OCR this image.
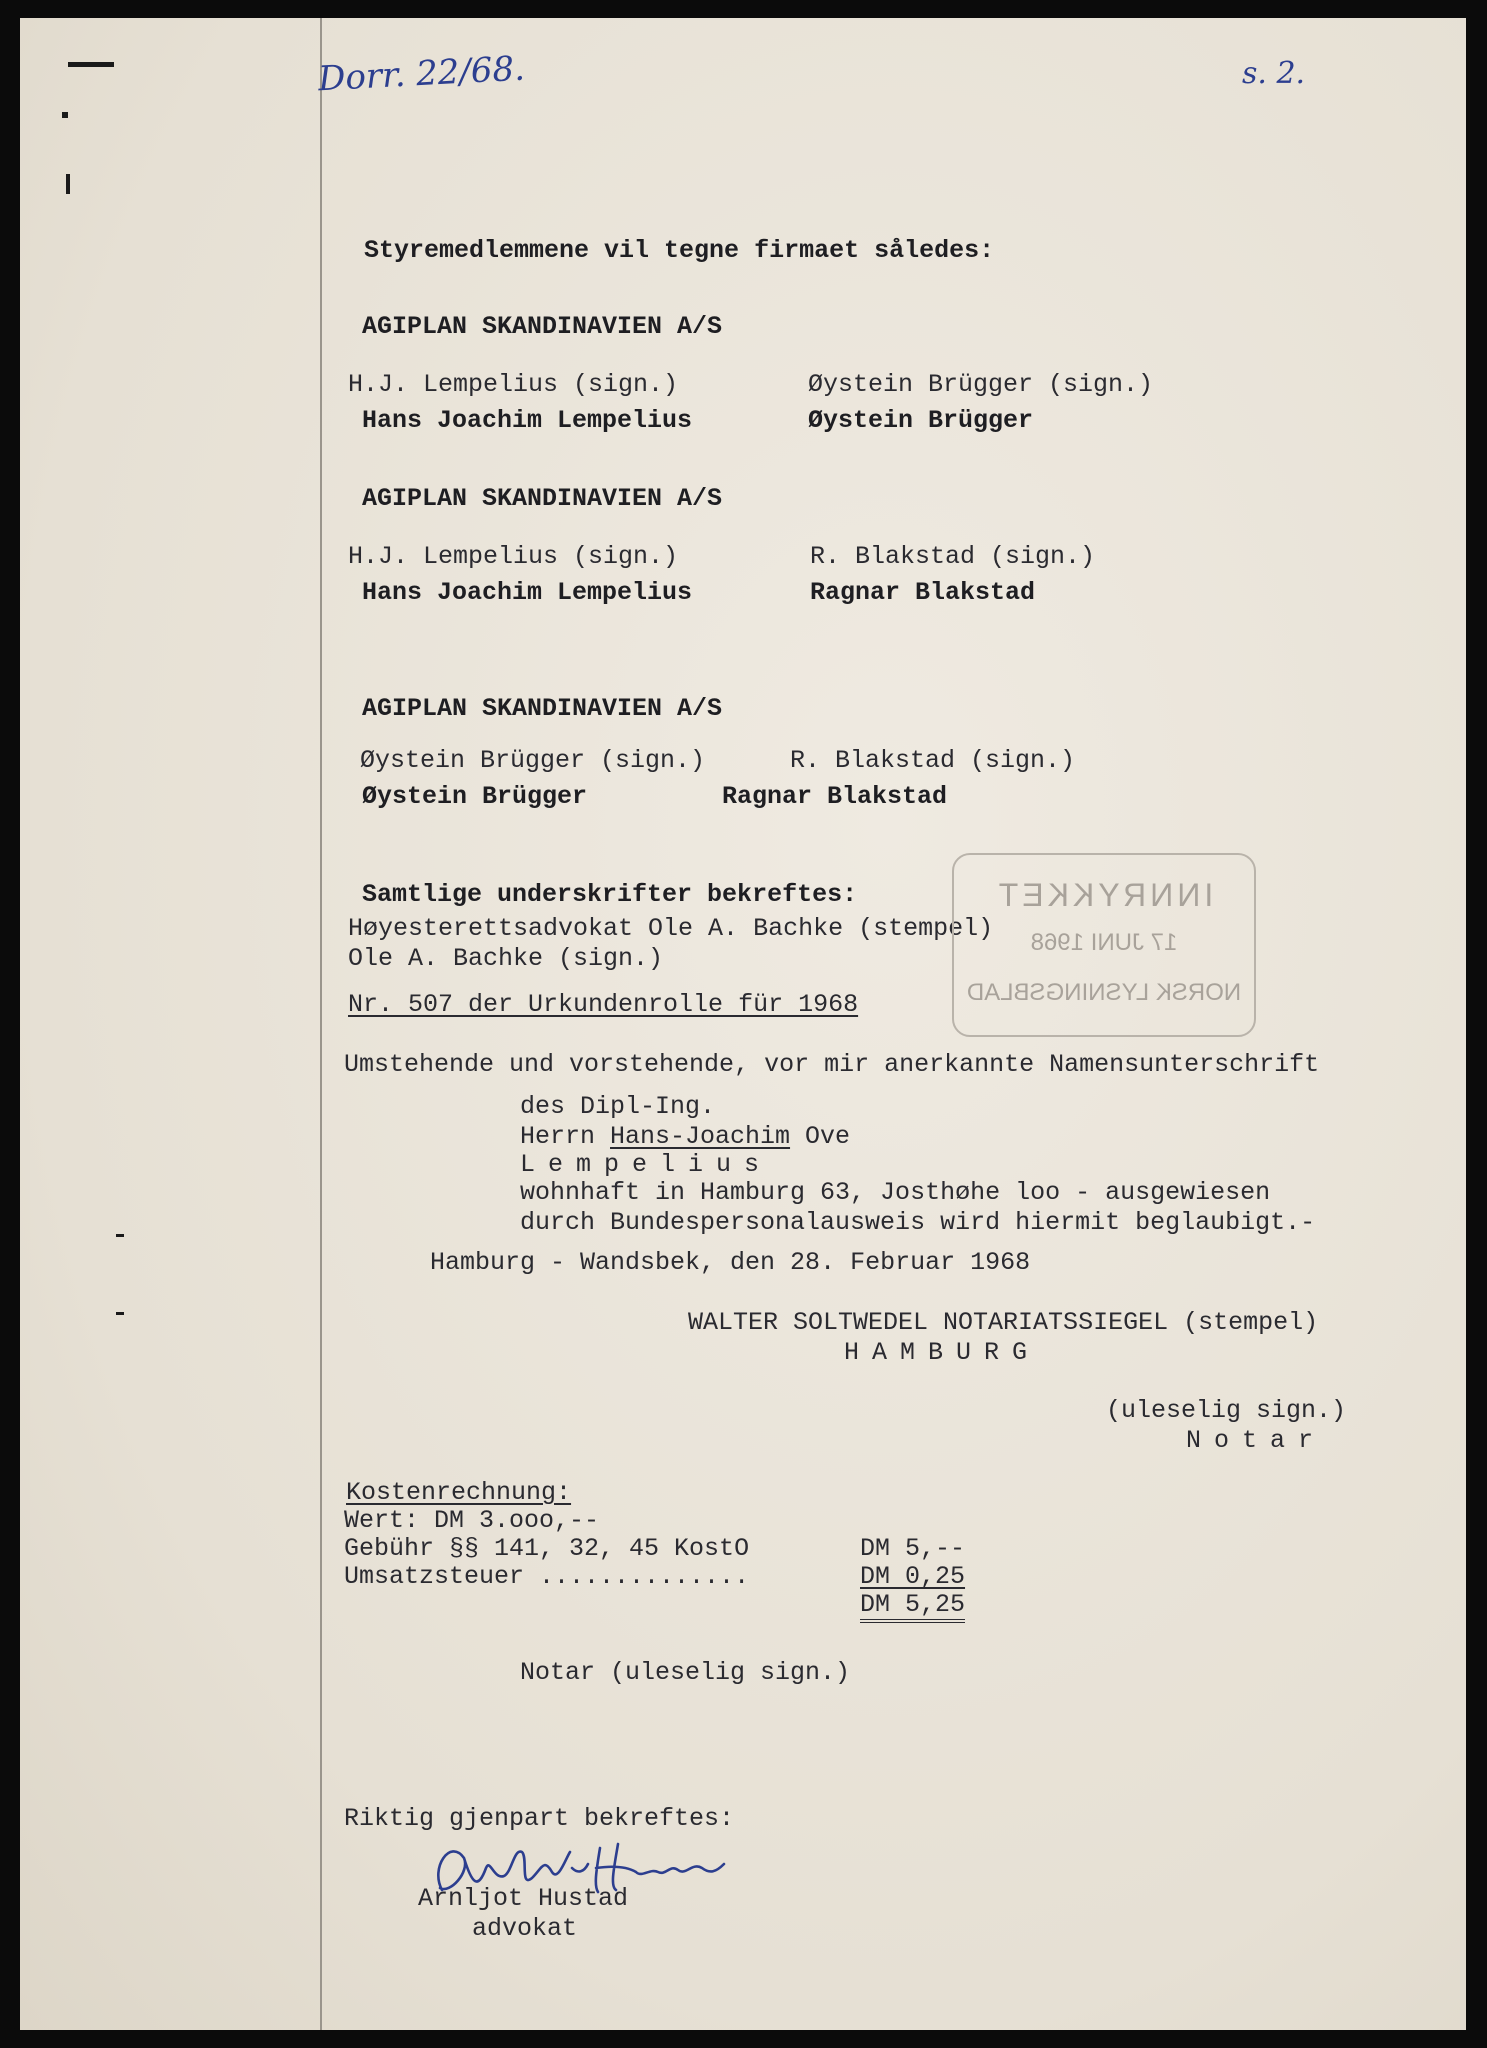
Dorr. 22/68.	s. 2.
Styremedlemmene vil tegne firmaet således:
AGIPLAN SKANDINAVIEN A/S
H.J. Lempelius (sign.)	Øystein Brügger (sign.)
Hans Joachim Lempelius	Øystein Brügger
AGIPLAN SKANDINAVIEN A/S
H.J. Lempelius (sign.)	R. Blakstad (sign.)
Hans Joachim Lempelius	Ragnar Blakstad
AGIPLAN SKANDINAVIEN A/S
Øystein Brügger (sign.)	R. Blakstad (sign.)
Øystein Brügger	Ragnar Blakstad
Samtlige underskrifter bekreftes:
Høyesterettsadvokat Ole A. Bachke (stempel)
Ole A. Bachke (sign.)
INNRYKKET
17 JUNI 1968
NORSK LYSNINGSBLAD
Nr. 507 der Urkundenrolle für 1968
Umstehende und vorstehende, vor mir anerkannte Namensunterschrift
des Dipl-Ing.
Herrn Hans-Joachim Ove
Lempelius
wohnhaft in Hamburg 63, Josthøhe loo - ausgewiesen
durch Bundespersonalausweis wird hiermit beglaubigt.-
Hamburg - Wandsbek, den 28. Februar 1968
WALTER SOLTWEDEL NOTARIATSSIEGEL (stempel)
HAMBURG
(uleselig sign.)
Notar
Kostenrechnung:
Wert: DM 3.ooo,--
Gebühr §§ 141, 32, 45 KostO	DM 5,--
Umsatzsteuer ..............	DM 0,25
DM 5,25
Notar (uleselig sign.)
Riktig gjenpart bekreftes:
Arnljot Hustad
advokat
